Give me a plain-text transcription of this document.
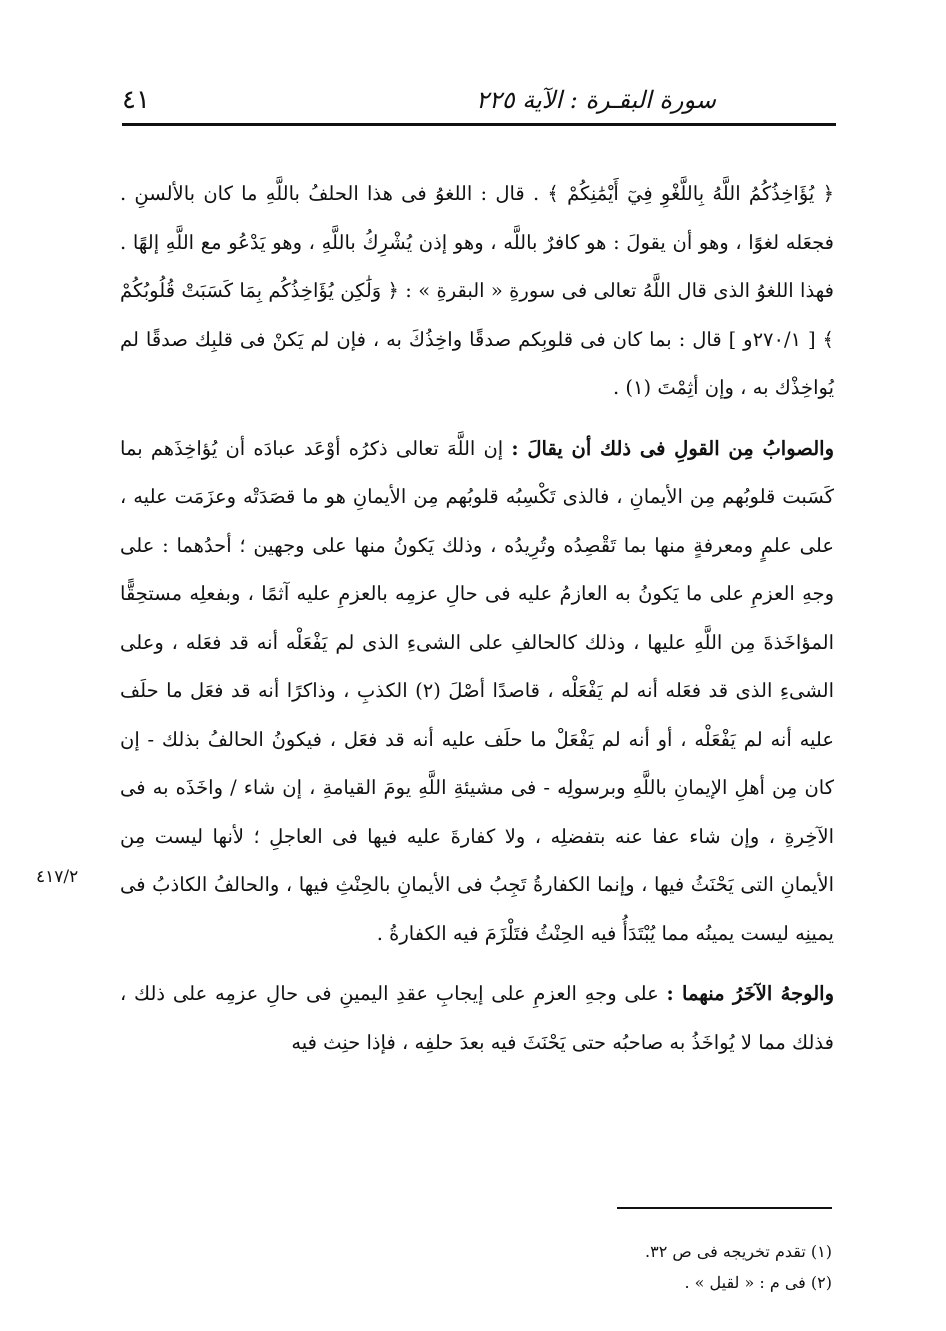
سورة البقـرة : الآية ٢٢٥
٤١

﴿ يُؤَاخِذُكُمُ اللَّهُ بِاللَّغْوِ فِيٓ أَيْمَٰنِكُمْ ﴾ . قال : اللغوُ فى هذا الحلفُ باللَّهِ ما كان بالألسنِ . فجعَله لغوًا ، وهو أن يقولَ : هو كافرٌ باللَّه ، وهو إذن يُشْرِكُ باللَّهِ ، وهو يَدْعُو مع اللَّهِ إلهًا . فهذا اللغوُ الذى قال اللَّهُ تعالى فى سورةِ « البقرةِ » : ﴿ وَلَٰكِن يُؤَاخِذُكُم بِمَا كَسَبَتْ قُلُوبُكُمْ ﴾ [ ٢٧٠/١و ] قال : بما كان فى قلوبِكم صدقًا واخِذُكَ به ، فإن لم يَكنْ فى قلبِك صدقًا لم يُواخِذْك به ، وإن أثِمْتَ (١) .

والصوابُ مِن القولِ فى ذلك أن يقالَ : إن اللَّهَ تعالى ذكرُه أوْعَد عبادَه أن يُؤاخِذَهم بما كَسَبت قلوبُهم مِن الأيمانِ ، فالذى تَكْسِبُه قلوبُهم مِن الأيمانِ هو ما قصَدَتْه وعزَمَت عليه ، على علمٍ ومعرفةٍ منها بما تَقْصِدُه وتُرِيدُه ، وذلك يَكونُ منها على وجهين ؛ أحدُهما : على وجهِ العزمِ على ما يَكونُ به العازمُ عليه فى حالِ عزمِه بالعزمِ عليه آثمًا ، وبفعلِه مستحِقًّا المؤاخَذةَ مِن اللَّهِ عليها ، وذلك كالحالفِ على الشىءِ الذى لم يَفْعَلْه أنه قد فعَله ، وعلى الشىءِ الذى قد فعَله أنه لم يَفْعَلْه ، قاصدًا أصْلَ (٢) الكذبِ ، وذاكرًا أنه قد فعَل ما حلَف عليه أنه لم يَفْعَلْه ، أو أنه لم يَفْعَلْ ما حلَف عليه أنه قد فعَل ، فيكونُ الحالفُ بذلك - إن كان مِن أهلِ الإيمانِ باللَّهِ وبرسولِه - فى مشيئةِ اللَّهِ يومَ القيامةِ ، إن شاء / واخَذَه به فى الآخِرةِ ، وإن شاء عفا عنه بتفضلِه ، ولا كفارةَ عليه فيها فى العاجلِ ؛ لأنها ليست مِن الأيمانِ التى يَحْنَثُ فيها ، وإنما الكفارةُ تَجِبُ فى الأيمانِ بالحِنْثِ فيها ، والحالفُ الكاذبُ فى يمينِه ليست يمينُه مما يُبْتَدَأُ فيه الحِنْثُ فتَلْزَمَ فيه الكفارةُ .

والوجهُ الآخَرُ منهما : على وجهِ العزمِ على إيجابِ عقدِ اليمينِ فى حالِ عزمِه على ذلك ، فذلك مما لا يُواخَذُ به صاحبُه حتى يَحْنَثَ فيه بعدَ حلفِه ، فإذا حنِث فيه

٤١٧/٢

(١) تقدم تخريجه فى ص ٣٢.

(٢) فى م : « لقيل » .
